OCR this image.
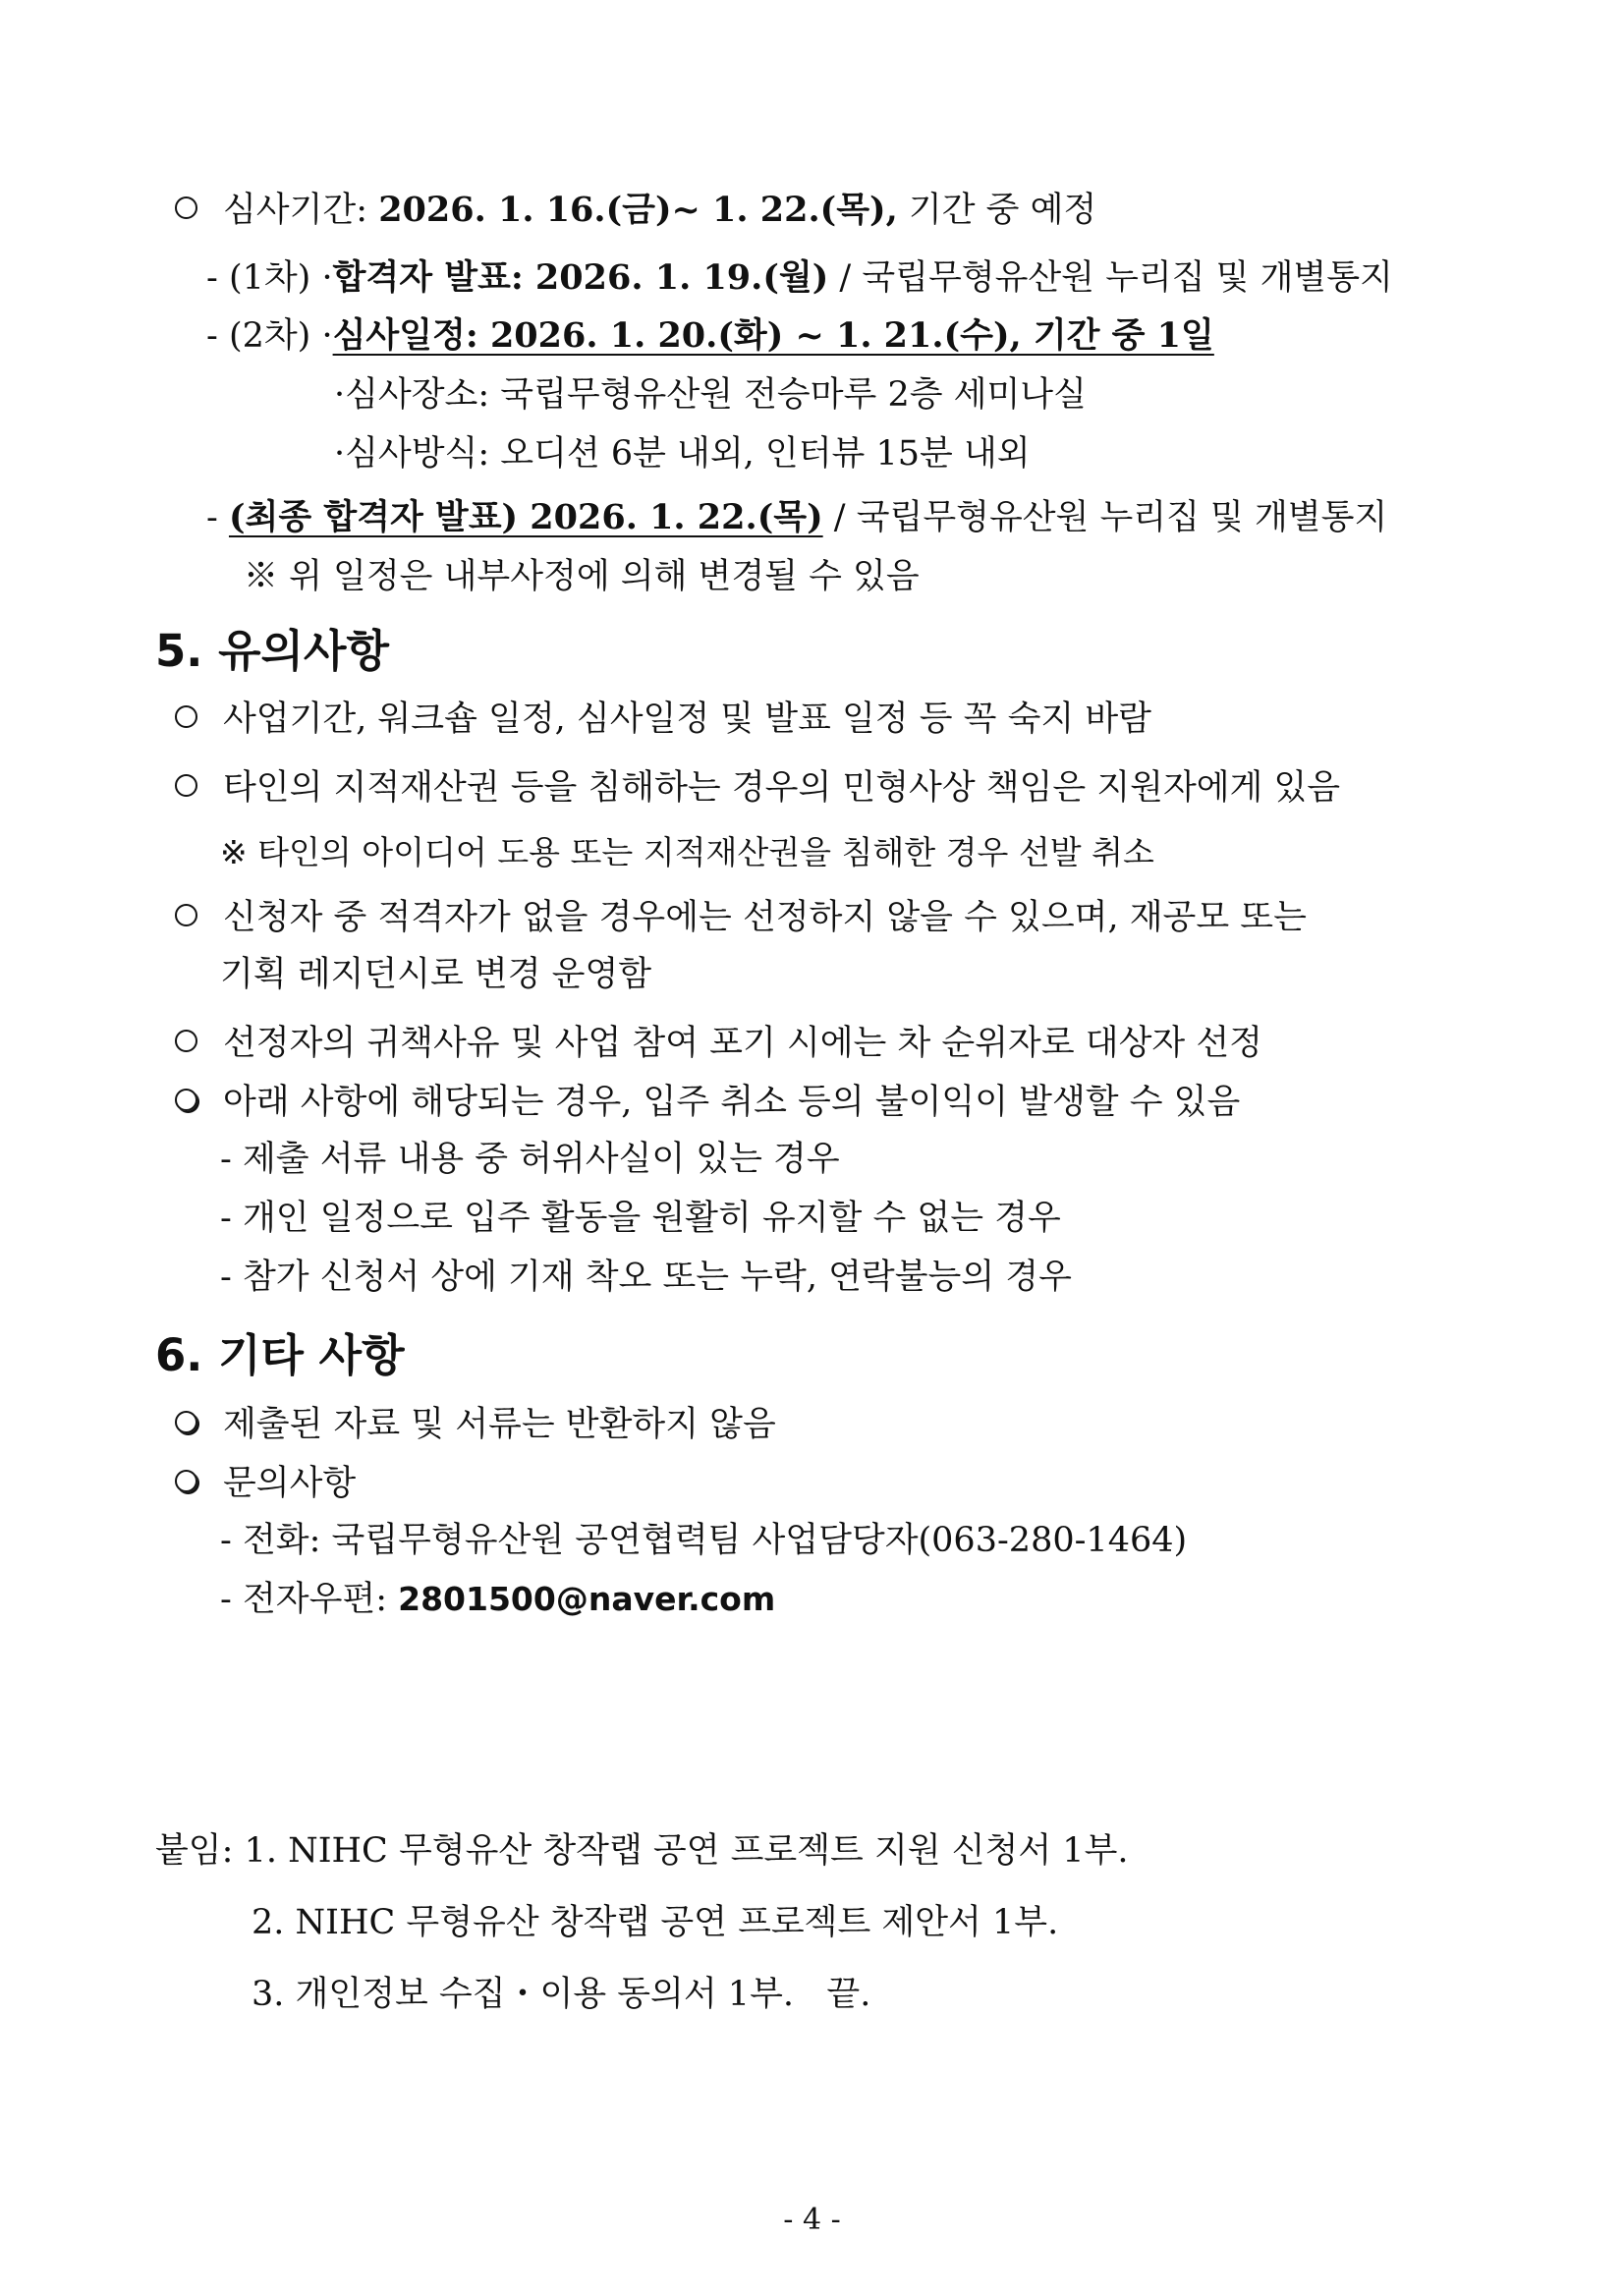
심사기간: 2026. 1. 16.(금)~ 1. 22.(목), 기간 중 예정
- (1차) ·합격자 발표: 2026. 1. 19.(월) / 국립무형유산원 누리집 및 개별통지
- (2차) ·심사일정: 2026. 1. 20.(화) ~ 1. 21.(수), 기간 중 1일
·심사장소: 국립무형유산원 전승마루 2층 세미나실
·심사방식: 오디션 6분 내외, 인터뷰 15분 내외
- (최종 합격자 발표) 2026. 1. 22.(목) / 국립무형유산원 누리집 및 개별통지
※ 위 일정은 내부사정에 의해 변경될 수 있음
5. 유의사항
사업기간, 워크숍 일정, 심사일정 및 발표 일정 등 꼭 숙지 바람
타인의 지적재산권 등을 침해하는 경우의 민형사상 책임은 지원자에게 있음
※ 타인의 아이디어 도용 또는 지적재산권을 침해한 경우 선발 취소
신청자 중 적격자가 없을 경우에는 선정하지 않을 수 있으며, 재공모 또는
기획 레지던시로 변경 운영함
선정자의 귀책사유 및 사업 참여 포기 시에는 차 순위자로 대상자 선정
아래 사항에 해당되는 경우, 입주 취소 등의 불이익이 발생할 수 있음
- 제출 서류 내용 중 허위사실이 있는 경우
- 개인 일정으로 입주 활동을 원활히 유지할 수 없는 경우
- 참가 신청서 상에 기재 착오 또는 누락, 연락불능의 경우
6. 기타 사항
제출된 자료 및 서류는 반환하지 않음
문의사항
- 전화: 국립무형유산원 공연협력팀 사업담당자(063-280-1464)
- 전자우편: 2801500@naver.com
붙임: 1. NIHC 무형유산 창작랩 공연 프로젝트 지원 신청서 1부.
2. NIHC 무형유산 창작랩 공연 프로젝트 제안서 1부.
3. 개인정보 수집・이용 동의서 1부. 끝.
- 4 -
